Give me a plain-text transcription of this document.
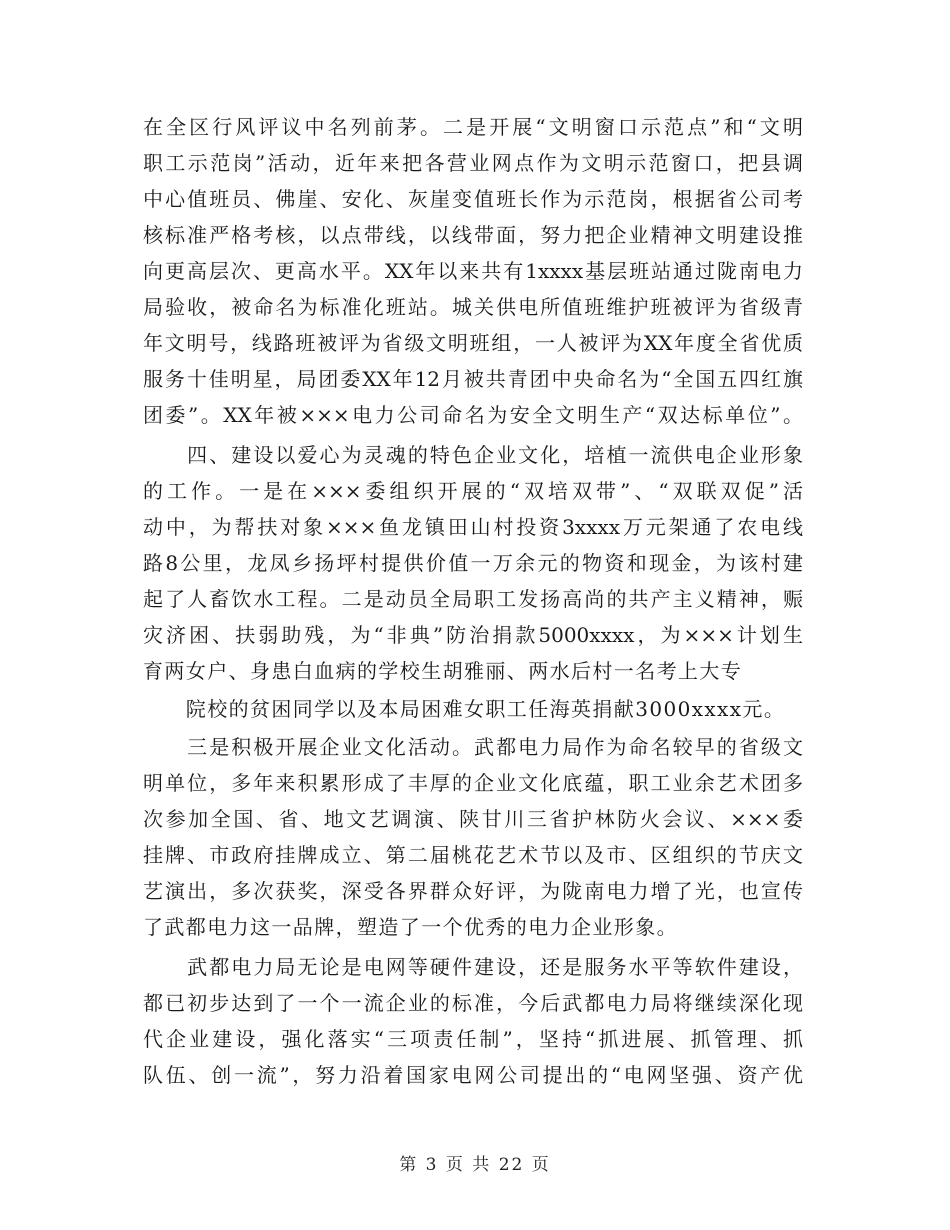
在全区行风评议中名列前茅。二是开展“文明窗口示范点”和“文明
职工示范岗”活动，近年来把各营业网点作为文明示范窗口，把县调
中心值班员、佛崖、安化、灰崖变值班长作为示范岗，根据省公司考
核标准严格考核，以点带线，以线带面，努力把企业精神文明建设推
向更高层次、更高水平。XX年以来共有1xxxx基层班站通过陇南电力
局验收，被命名为标准化班站。城关供电所值班维护班被评为省级青
年文明号，线路班被评为省级文明班组，一人被评为XX年度全省优质
服务十佳明星，局团委XX年12月被共青团中央命名为“全国五四红旗
团委”。XX年被×××电力公司命名为安全文明生产“双达标单位”。
　　四、建设以爱心为灵魂的特色企业文化，培植一流供电企业形象
的工作。一是在×××委组织开展的“双培双带”、“双联双促”活
动中，为帮扶对象×××鱼龙镇田山村投资3xxxx万元架通了农电线
路8公里，龙凤乡扬坪村提供价值一万余元的物资和现金，为该村建
起了人畜饮水工程。二是动员全局职工发扬高尚的共产主义精神，赈
灾济困、扶弱助残，为“非典”防治捐款5000xxxx，为×××计划生
育两女户、身患白血病的学校生胡雅丽、两水后村一名考上大专
　　院校的贫困同学以及本局困难女职工任海英捐献3000xxxx元。
　　三是积极开展企业文化活动。武都电力局作为命名较早的省级文
明单位，多年来积累形成了丰厚的企业文化底蕴，职工业余艺术团多
次参加全国、省、地文艺调演、陕甘川三省护林防火会议、×××委
挂牌、市政府挂牌成立、第二届桃花艺术节以及市、区组织的节庆文
艺演出，多次获奖，深受各界群众好评，为陇南电力增了光，也宣传
了武都电力这一品牌，塑造了一个优秀的电力企业形象。
　　武都电力局无论是电网等硬件建设，还是服务水平等软件建设，
都已初步达到了一个一流企业的标准，今后武都电力局将继续深化现
代企业建设，强化落实“三项责任制”，坚持“抓进展、抓管理、抓
队伍、创一流”，努力沿着国家电网公司提出的“电网坚强、资产优
第 3 页 共 22 页
